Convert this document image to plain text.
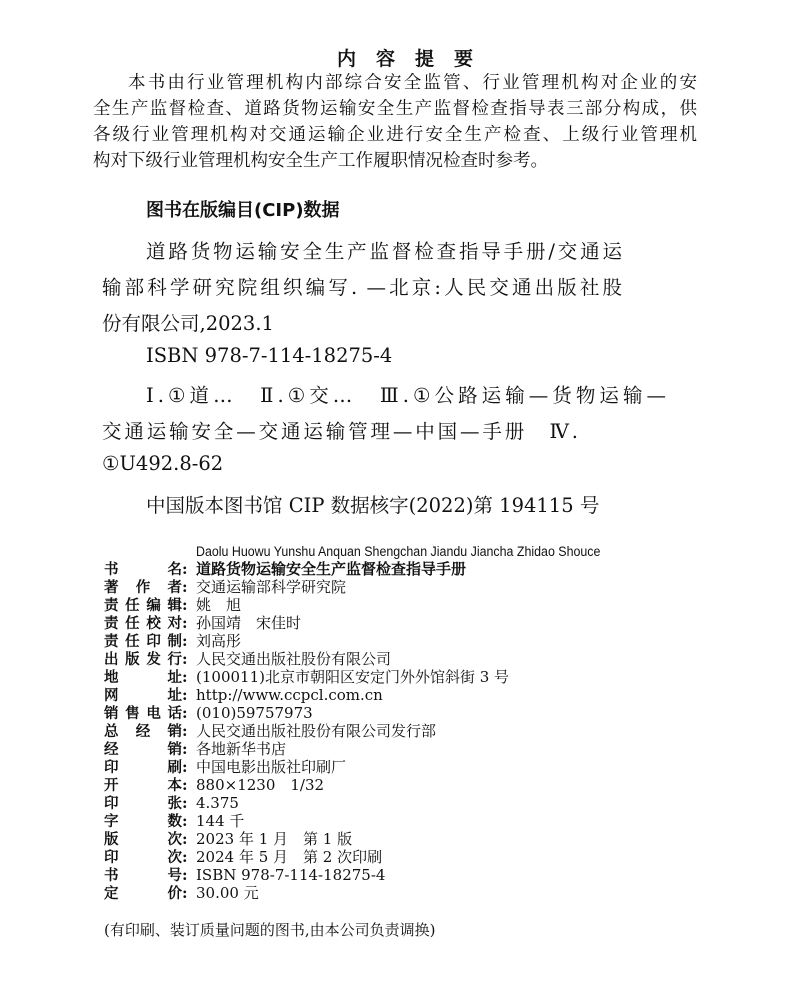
内容提要
本书由行业管理机构内部综合安全监管、行业管理机构对企业的安
全生产监督检查、道路货物运输安全生产监督检查指导表三部分构成，供
各级行业管理机构对交通运输企业进行安全生产检查、上级行业管理机
构对下级行业管理机构安全生产工作履职情况检查时参考。
图书在版编目(CIP)数据
道路货物运输安全生产监督检查指导手册/交通运
输部科学研究院组织编写. —北京:人民交通出版社股
份有限公司,2023.1
ISBN 978-7-114-18275-4
Ⅰ.①道…　Ⅱ.①交…　Ⅲ.①公路运输—货物运输—
交通运输安全—交通运输管理—中国—手册　Ⅳ.
①U492.8-62
中国版本图书馆 CIP 数据核字(2022)第 194115 号
Daolu Huowu Yunshu Anquan Shengchan Jiandu Jiancha Zhidao Shouce
书名 : 道路货物运输安全生产监督检查指导手册
著作者 : 交通运输部科学研究院
责任编辑 : 姚　旭
责任校对 : 孙国靖　宋佳时
责任印制 : 刘高彤
出版发行 : 人民交通出版社股份有限公司
地址 : (100011)北京市朝阳区安定门外外馆斜街 3 号
网址 : http://www.ccpcl.com.cn
销售电话 : (010)59757973
总经销 : 人民交通出版社股份有限公司发行部
经销 : 各地新华书店
印刷 : 中国电影出版社印刷厂
开本 : 880×1230　1/32
印张 : 4.375
字数 : 144 千
版次 : 2023 年 1 月　第 1 版
印次 : 2024 年 5 月　第 2 次印刷
书号 : ISBN 978-7-114-18275-4
定价 : 30.00 元
(有印刷、装订质量问题的图书,由本公司负责调换)
